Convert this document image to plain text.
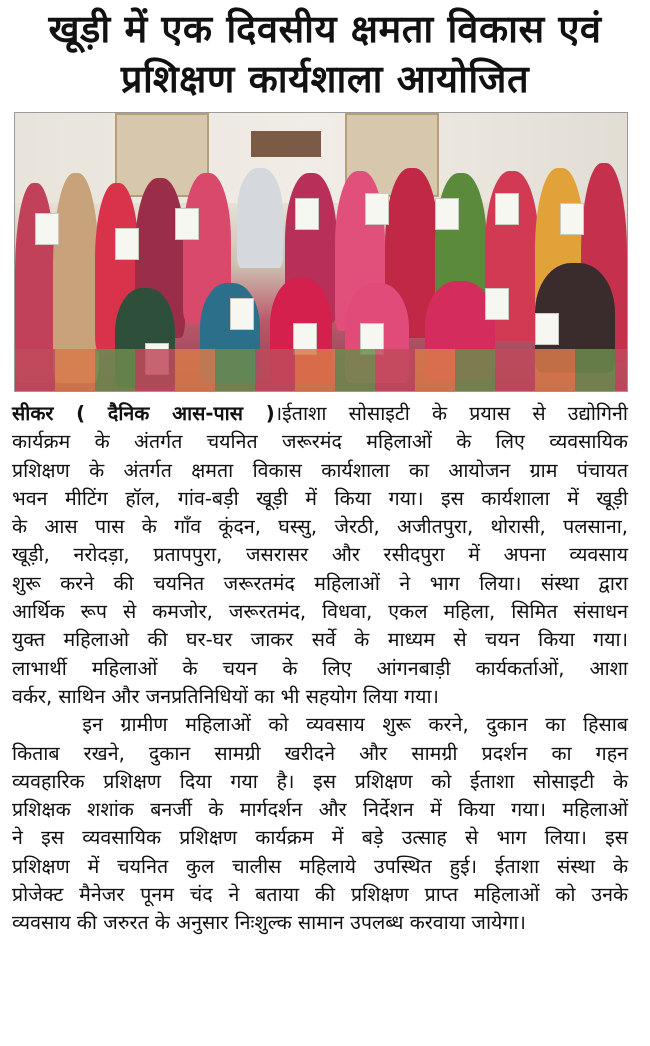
खूड़ी में एक दिवसीय क्षमता विकास एवं
प्रशिक्षण कार्यशाला आयोजित
सीकर ( दैनिक आस-पास )।ईताशा सोसाइटी के प्रयास से उद्योगिनी
कार्यक्रम के अंतर्गत चयनित जरूरमंद महिलाओं के लिए व्यवसायिक
प्रशिक्षण के अंतर्गत क्षमता विकास कार्यशाला का आयोजन ग्राम पंचायत
भवन मीटिंग हॉल, गांव-बड़ी खूड़ी में किया गया। इस कार्यशाला में खूड़ी
के आस पास के गाँव कूंदन, घस्सु, जेरठी, अजीतपुरा, थोरासी, पलसाना,
खूड़ी, नरोदड़ा, प्रतापपुरा, जसरासर और रसीदपुरा में अपना व्यवसाय
शुरू करने की चयनित जरूरतमंद महिलाओं ने भाग लिया। संस्था द्वारा
आर्थिक रूप से कमजोर, जरूरतमंद, विधवा, एकल महिला, सिमित संसाधन
युक्त महिलाओ की घर-घर जाकर सर्वे के माध्यम से चयन किया गया।
लाभार्थी महिलाओं के चयन के लिए आंगनबाड़ी कार्यकर्ताओं, आशा
वर्कर, साथिन और जनप्रतिनिधियों का भी सहयोग लिया गया।
इन ग्रामीण महिलाओं को व्यवसाय शुरू करने, दुकान का हिसाब
किताब रखने, दुकान सामग्री खरीदने और सामग्री प्रदर्शन का गहन
व्यवहारिक प्रशिक्षण दिया गया है। इस प्रशिक्षण को ईताशा सोसाइटी के
प्रशिक्षक शशांक बनर्जी के मार्गदर्शन और निर्देशन में किया गया। महिलाओं
ने इस व्यवसायिक प्रशिक्षण कार्यक्रम में बड़े उत्साह से भाग लिया। इस
प्रशिक्षण में चयनित कुल चालीस महिलाये उपस्थित हुई। ईताशा संस्था के
प्रोजेक्ट मैनेजर पूनम चंद ने बताया की प्रशिक्षण प्राप्त महिलाओं को उनके
व्यवसाय की जरुरत के अनुसार निःशुल्क सामान उपलब्ध करवाया जायेगा।
